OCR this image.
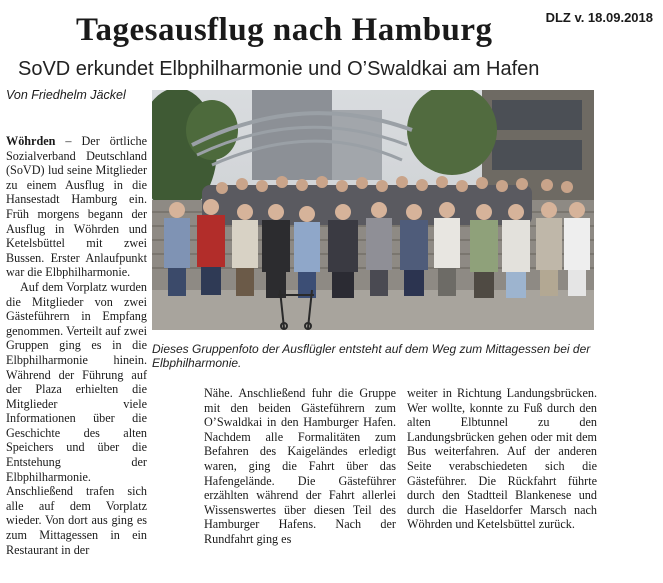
Tagesausflug nach Hamburg	DLZ v. 18.09.2018
SoVD erkundet Elbphilharmonie und O’Swaldkai am Hafen
Von Friedhelm Jäckel
Dieses Gruppenfoto der Ausflügler entsteht auf dem Weg zum Mittagessen bei der Elbphilharmonie.

Wöhrden – Der örtliche Sozialverband Deutschland (SoVD) lud seine Mitglieder zu einem Ausflug in die Hansestadt Hamburg ein. Früh morgens begann der Ausflug in Wöhrden und Ketelsbüttel mit zwei Bussen. Erster Anlaufpunkt war die Elbphilharmonie.

Auf dem Vorplatz wurden die Mitglieder von zwei Gästeführern in Empfang genommen. Verteilt auf zwei Gruppen ging es in die Elbphilharmonie hinein. Während der Führung auf der Plaza erhielten die Mitglieder viele Informationen über die Geschichte des alten Speichers und über die Entstehung der Elbphilharmonie. Anschließend trafen sich alle auf dem Vorplatz wieder. Von dort aus ging es zum Mittagessen in ein Restaurant in der

Nähe. Anschließend fuhr die Gruppe mit den beiden Gästeführern zum O’Swaldkai in den Hamburger Hafen. Nachdem alle Formalitäten zum Befahren des Kaigeländes erledigt waren, ging die Fahrt über das Hafengelände. Die Gästeführer erzählten während der Fahrt allerlei Wissenswertes über diesen Teil des Hamburger Hafens. Nach der Rundfahrt ging es

weiter in Richtung Landungsbrücken. Wer wollte, konnte zu Fuß durch den alten Elbtunnel zu den Landungsbrücken gehen oder mit dem Bus weiterfahren. Auf der anderen Seite verabschiedeten sich die Gästeführer. Die Rückfahrt führte durch den Stadtteil Blankenese und durch die Haseldorfer Marsch nach Wöhrden und Ketelsbüttel zurück.
